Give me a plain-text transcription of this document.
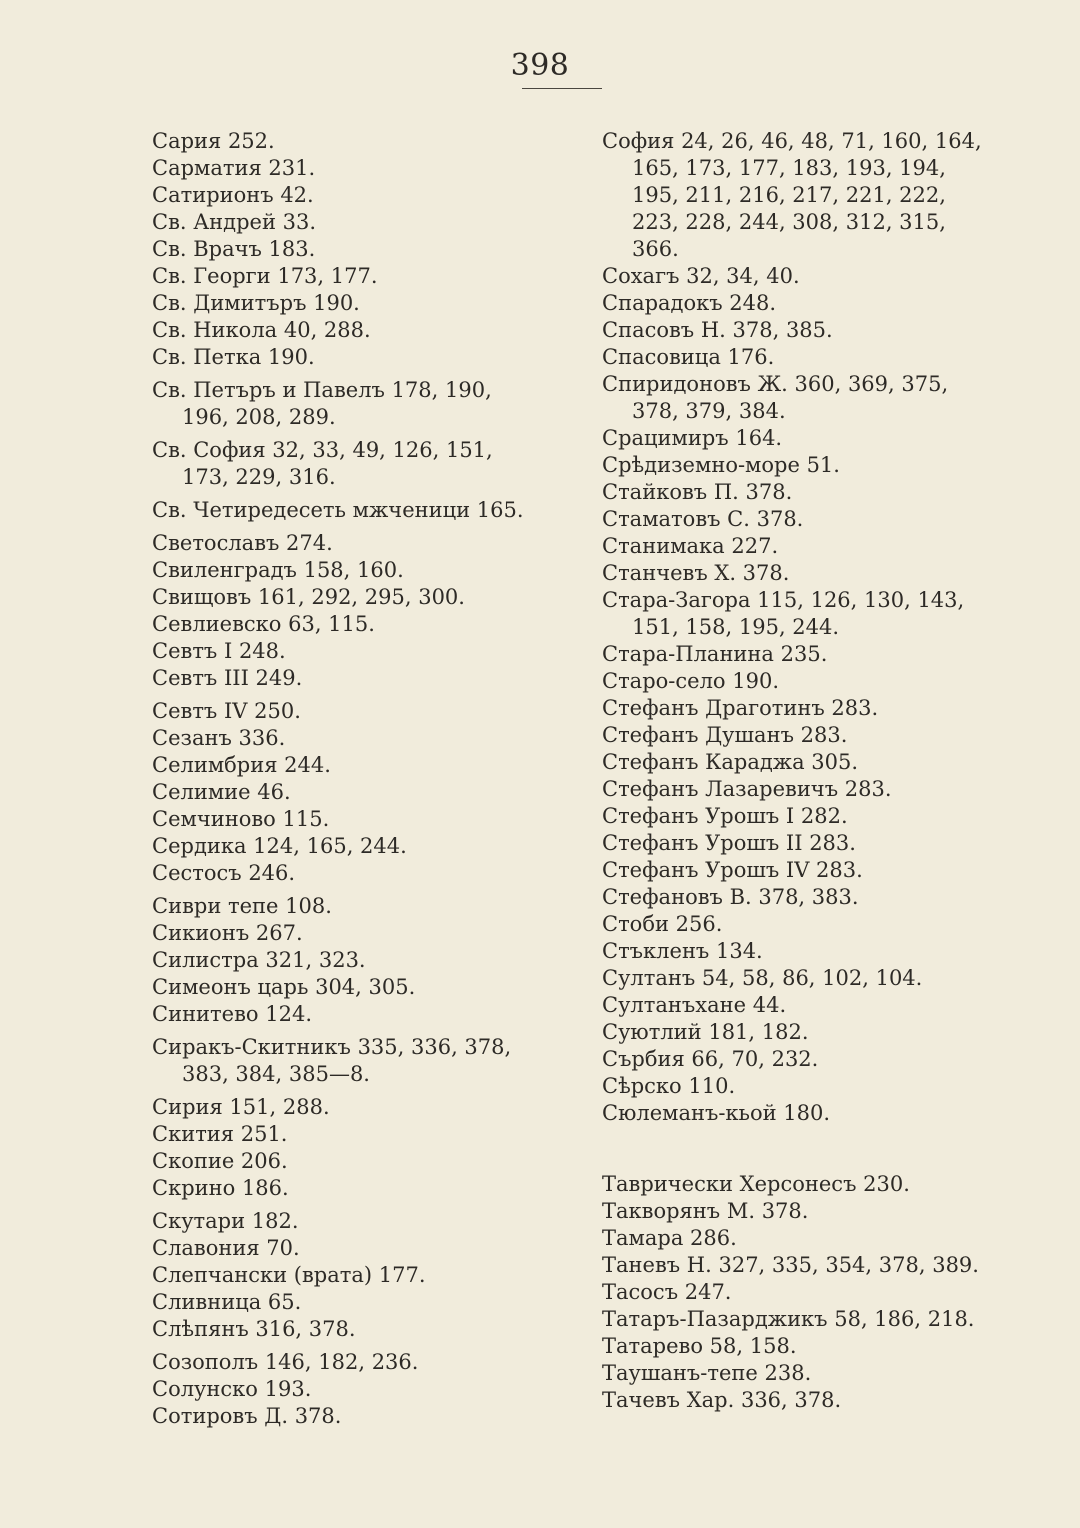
398

Сария 252.

Сарматия 231.

Сатирионъ 42.

Св. Андрей 33.

Св. Врачъ 183.

Св. Георги 173, 177.

Св. Димитъръ 190.

Св. Никола 40, 288.

Св. Петка 190.

Св. Петъръ и Павелъ 178, 190, 196, 208, 289.

Св. София 32, 33, 49, 126, 151, 173, 229, 316.

Св. Четиредесеть мжченици 165.

Светославъ 274.

Свиленградъ 158, 160.

Свищовъ 161, 292, 295, 300.

Севлиевско 63, 115.

Севтъ I 248.

Севтъ III 249.

Севтъ IV 250.

Сезанъ 336.

Селимбрия 244.

Селимие 46.

Семчиново 115.

Сердика 124, 165, 244.

Сестосъ 246.

Сиври тепе 108.

Сикионъ 267.

Силистра 321, 323.

Симеонъ царь 304, 305.

Синитево 124.

Сиракъ-Скитникъ 335, 336, 378, 383, 384, 385—8.

Сирия 151, 288.

Скития 251.

Скопие 206.

Скрино 186.

Скутари 182.

Славония 70.

Слепчански (врата) 177.

Сливница 65.

Слѣпянъ 316, 378.

Созополъ 146, 182, 236.

Солунско 193.

Сотировъ Д. 378.

София 24, 26, 46, 48, 71, 160, 164, 165, 173, 177, 183, 193, 194, 195, 211, 216, 217, 221, 222, 223, 228, 244, 308, 312, 315, 366.

Сохагъ 32, 34, 40.

Спарадокъ 248.

Спасовъ Н. 378, 385.

Спасовица 176.

Спиридоновъ Ж. 360, 369, 375, 378, 379, 384.

Срацимиръ 164.

Срѣдиземно-море 51.

Стайковъ П. 378.

Стаматовъ С. 378.

Станимака 227.

Станчевъ Х. 378.

Стара-Загора 115, 126, 130, 143, 151, 158, 195, 244.

Стара-Планина 235.

Старо-село 190.

Стефанъ Драготинъ 283.

Стефанъ Душанъ 283.

Стефанъ Караджа 305.

Стефанъ Лазаревичъ 283.

Стефанъ Урошъ I 282.

Стефанъ Урошъ II 283.

Стефанъ Урошъ IV 283.

Стефановъ В. 378, 383.

Стоби 256.

Стъкленъ 134.

Султанъ 54, 58, 86, 102, 104.

Султанъхане 44.

Суютлий 181, 182.

Сърбия 66, 70, 232.

Сѣрско 110.

Сюлеманъ-кьой 180.

Таврически Херсонесъ 230.

Такворянъ М. 378.

Тамара 286.

Таневъ Н. 327, 335, 354, 378, 389.

Тасосъ 247.

Татаръ-Пазарджикъ 58, 186, 218.

Татарево 58, 158.

Таушанъ-тепе 238.

Тачевъ Хар. 336, 378.
